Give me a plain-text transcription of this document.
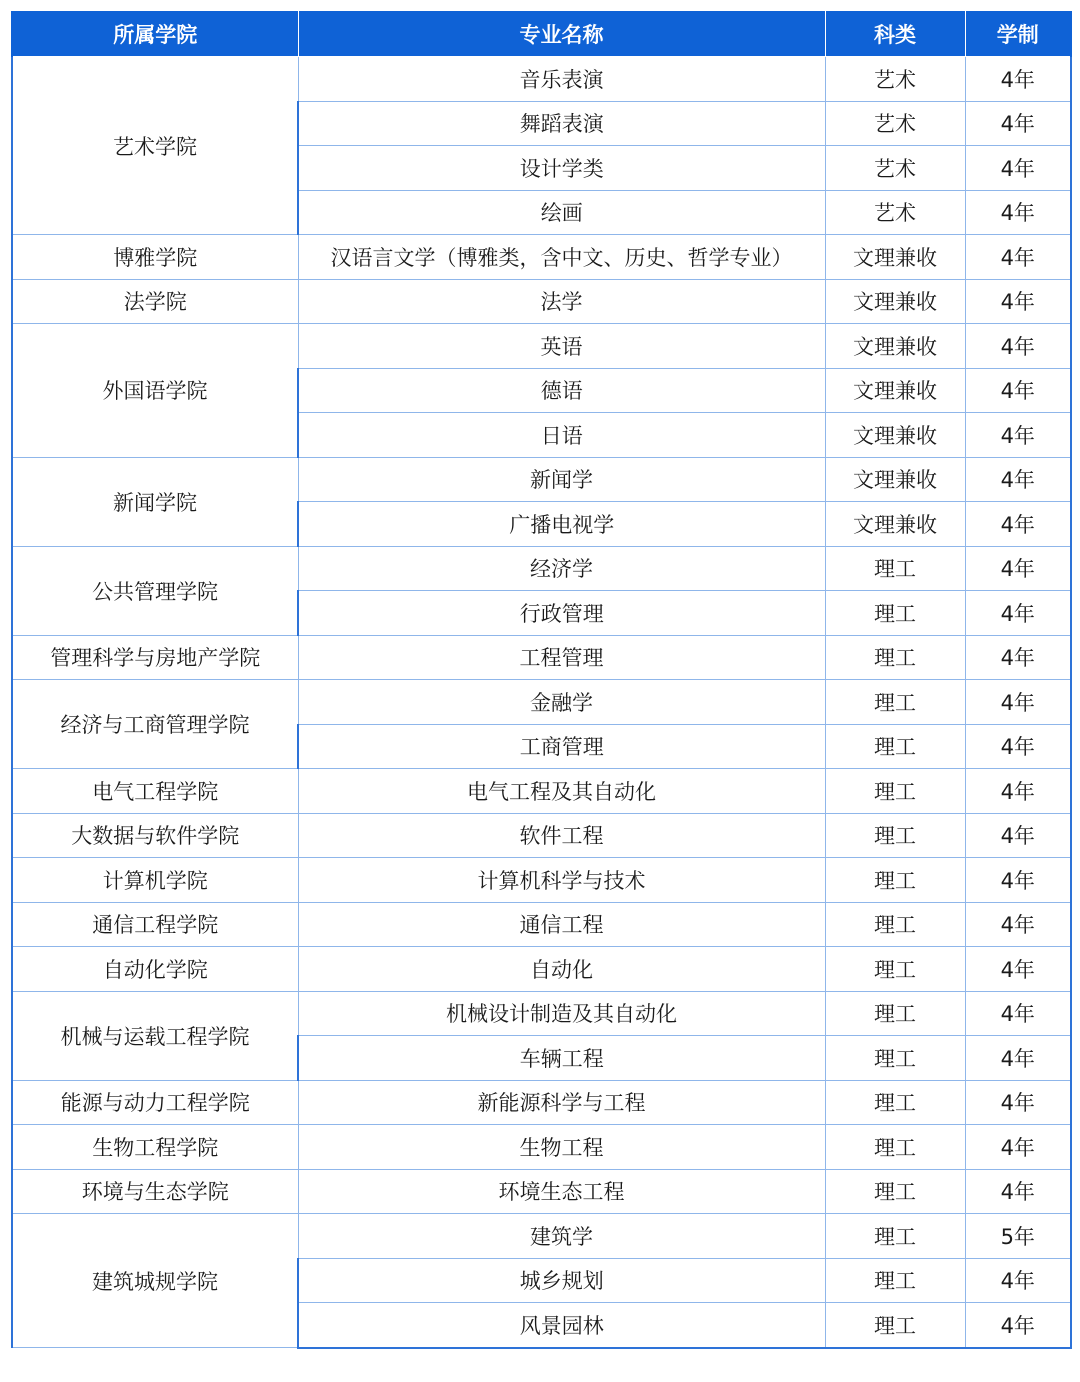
所属学院	专业名称	科类	学制
艺术学院	音乐表演	艺术	4年
	舞蹈表演	艺术	4年
	设计学类	艺术	4年
	绘画	艺术	4年
博雅学院	汉语言文学（博雅类，含中文、历史、哲学专业）	文理兼收	4年
法学院	法学	文理兼收	4年
外国语学院	英语	文理兼收	4年
	德语	文理兼收	4年
	日语	文理兼收	4年
新闻学院	新闻学	文理兼收	4年
	广播电视学	文理兼收	4年
公共管理学院	经济学	理工	4年
	行政管理	理工	4年
管理科学与房地产学院	工程管理	理工	4年
经济与工商管理学院	金融学	理工	4年
	工商管理	理工	4年
电气工程学院	电气工程及其自动化	理工	4年
大数据与软件学院	软件工程	理工	4年
计算机学院	计算机科学与技术	理工	4年
通信工程学院	通信工程	理工	4年
自动化学院	自动化	理工	4年
机械与运载工程学院	机械设计制造及其自动化	理工	4年
	车辆工程	理工	4年
能源与动力工程学院	新能源科学与工程	理工	4年
生物工程学院	生物工程	理工	4年
环境与生态学院	环境生态工程	理工	4年
建筑城规学院	建筑学	理工	5年
	城乡规划	理工	4年
	风景园林	理工	4年
